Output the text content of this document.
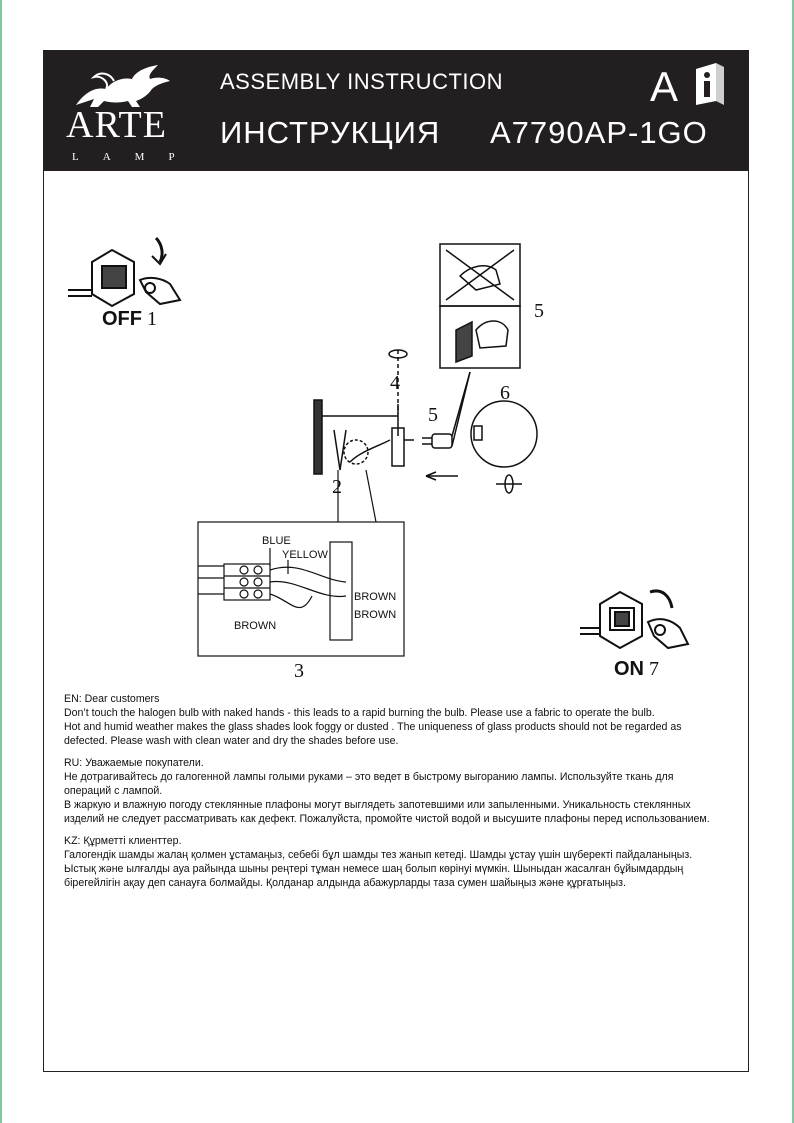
ARTE
LAMP
ASSEMBLY INSTRUCTION
ИНСТРУКЦИЯ A7790AP-1GO
A
OFF 1
2
3
4
5
5
6
ON 7
BLUE
YELLOW
BROWN
BROWN
BROWN

EN: Dear customers

Don’t touch the halogen bulb with naked hands - this leads to a rapid burning the bulb. Please use a fabric to operate the bulb.

Hot and humid weather makes the glass shades look foggy or dusted . The uniqueness of glass products should not be regarded as

defected. Please wash with clean water and dry the shades before use.

RU: Уважаемые покупатели.

Не дотрагивайтесь до галогенной лампы голыми руками – это ведет в быстрому выгоранию лампы. Используйте ткань для

операций с лампой.

В жаркую и влажную погоду стеклянные плафоны могут выглядеть запотевшими или запыленными. Уникальность стеклянных

изделий не следует рассматривать как дефект. Пожалуйста, промойте чистой водой и высушите плафоны перед использованием.

KZ: Құрметті клиенттер.

Галогендік шамды жалаң қолмен ұстамаңыз, себебі бұл шамды тез жанып кетеді. Шамды ұстау үшін шүберекті пайдаланыңыз.

Ыстық және ылғалды ауа райында шыны реңтері тұман немесе шаң болып көрінуі мүмкін. Шыныдан жасалған бұйымдардың

бірегейлігін ақау деп санауға болмайды. Қолданар алдында абажурларды таза сумен шайыңыз және құрғатыңыз.
